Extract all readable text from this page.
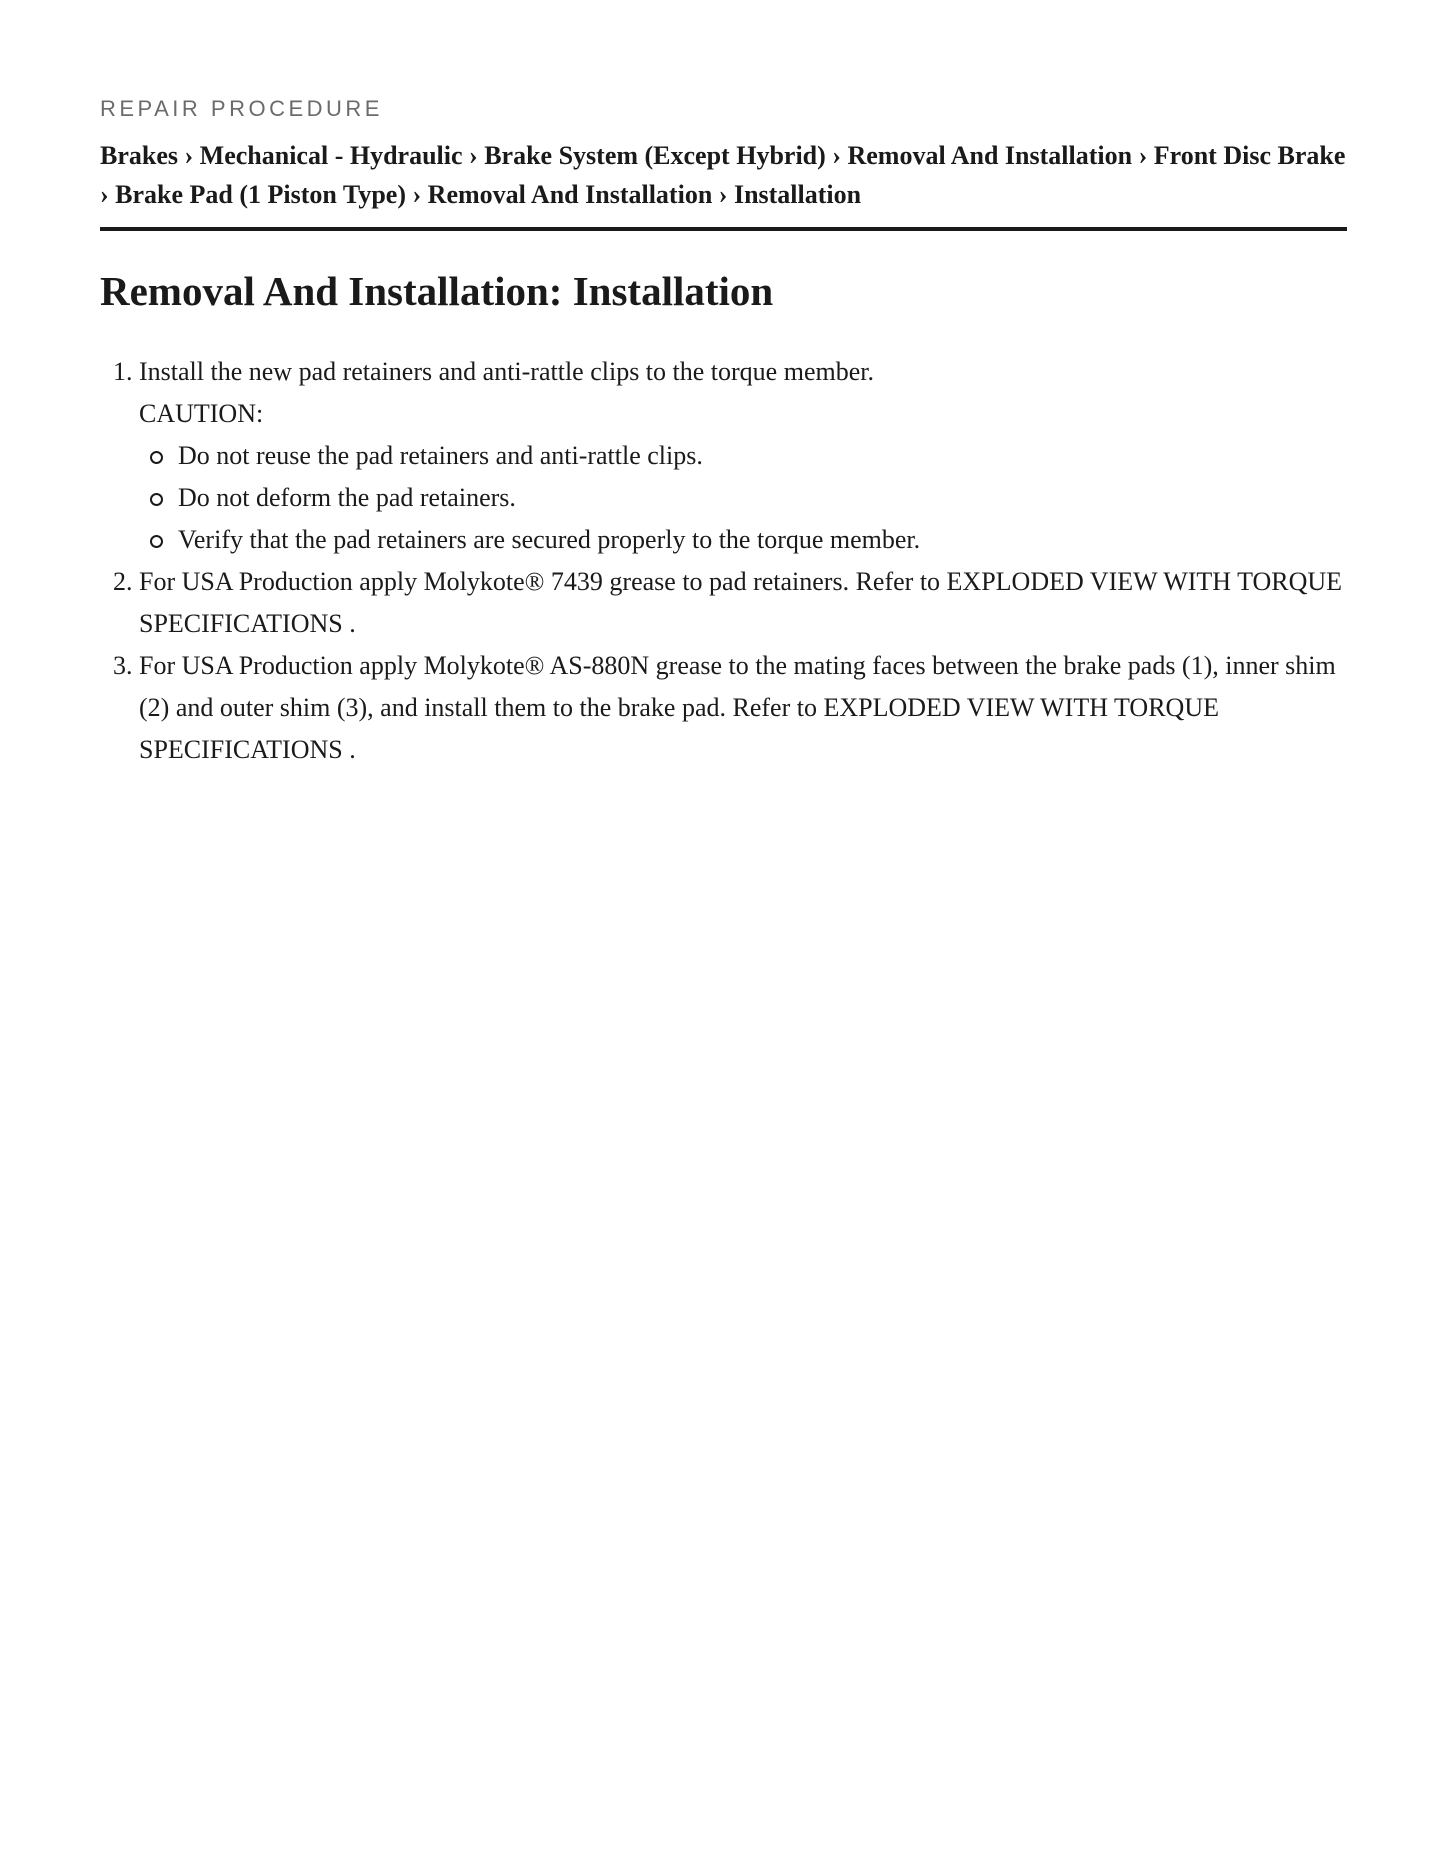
REPAIR PROCEDURE
Brakes › Mechanical - Hydraulic › Brake System (Except Hybrid) › Removal And Installation › Front Disc Brake › Brake Pad (1 Piston Type) › Removal And Installation › Installation
Removal And Installation: Installation
1. Install the new pad retainers and anti-rattle clips to the torque member.
CAUTION:
Do not reuse the pad retainers and anti-rattle clips.
Do not deform the pad retainers.
Verify that the pad retainers are secured properly to the torque member.
2. For USA Production apply Molykote® 7439 grease to pad retainers. Refer to EXPLODED VIEW WITH TORQUE SPECIFICATIONS .
3. For USA Production apply Molykote® AS-880N grease to the mating faces between the brake pads (1), inner shim (2) and outer shim (3), and install them to the brake pad. Refer to EXPLODED VIEW WITH TORQUE SPECIFICATIONS .
